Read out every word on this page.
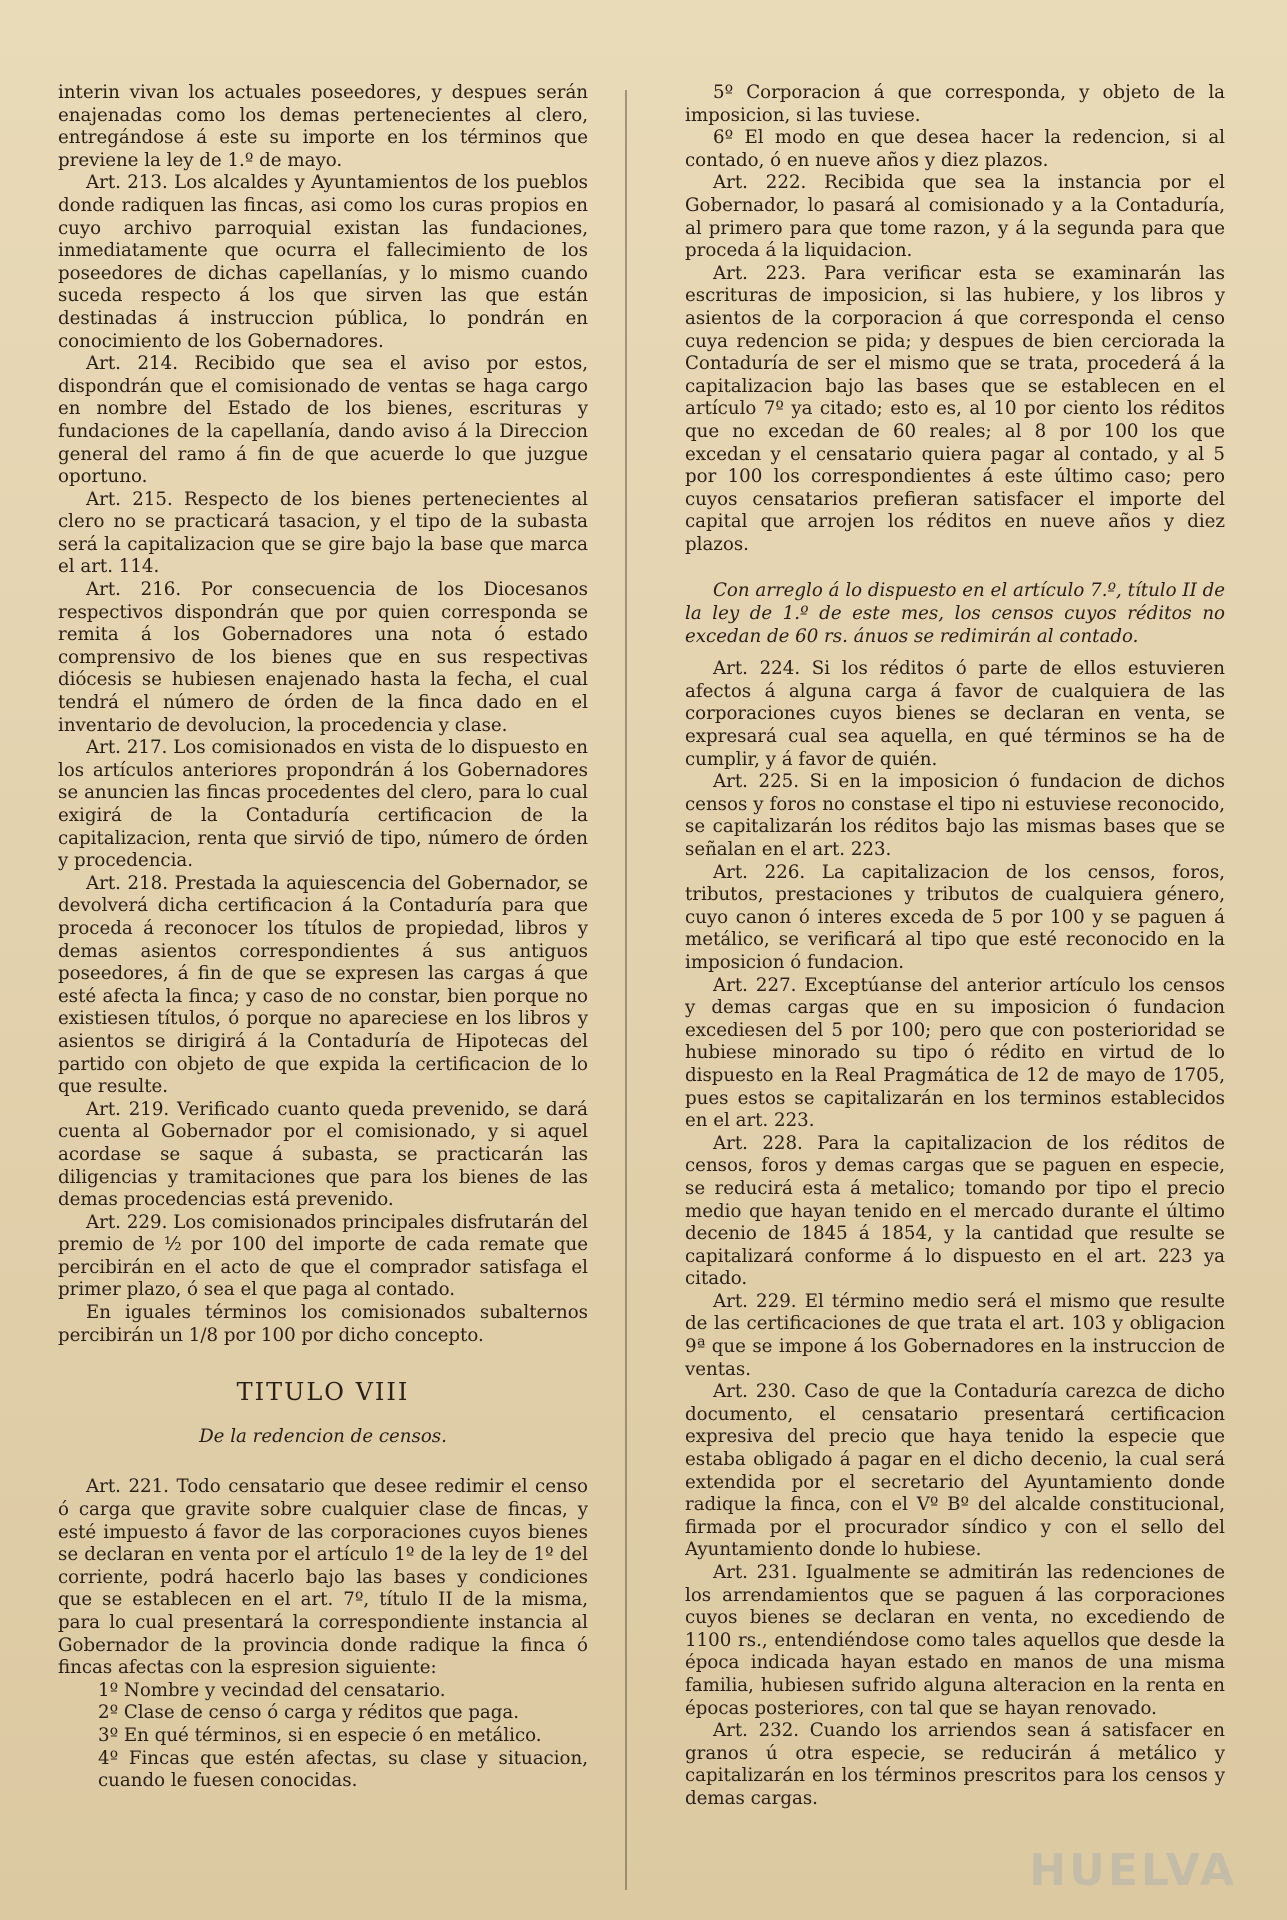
interin vivan los actuales poseedores, y despues serán enajenadas como los demas pertenecientes al clero, entregándose á este su importe en los términos que previene la ley de 1.º de mayo.

Art. 213. Los alcaldes y Ayuntamientos de los pueblos donde radiquen las fincas, asi como los curas propios en cuyo archivo parroquial existan las fundaciones, inmediatamente que ocurra el fallecimiento de los poseedores de dichas capellanías, y lo mismo cuando suceda respecto á los que sirven las que están destinadas á instruccion pública, lo pondrán en conocimiento de los Gobernadores.

Art. 214. Recibido que sea el aviso por estos, dispondrán que el comisionado de ventas se haga cargo en nombre del Estado de los bienes, escrituras y fundaciones de la capellanía, dando aviso á la Direccion general del ramo á fin de que acuerde lo que juzgue oportuno.

Art. 215. Respecto de los bienes pertenecientes al clero no se practicará tasacion, y el tipo de la subasta será la capitalizacion que se gire bajo la base que marca el art. 114.

Art. 216. Por consecuencia de los Diocesanos respectivos dispondrán que por quien corresponda se remita á los Gobernadores una nota ó estado comprensivo de los bienes que en sus respectivas diócesis se hubiesen enajenado hasta la fecha, el cual tendrá el número de órden de la finca dado en el inventario de devolucion, la procedencia y clase.

Art. 217. Los comisionados en vista de lo dispuesto en los artículos anteriores propondrán á los Gobernadores se anuncien las fincas procedentes del clero, para lo cual exigirá de la Contaduría certificacion de la capitalizacion, renta que sirvió de tipo, número de órden y procedencia.

Art. 218. Prestada la aquiescencia del Gobernador, se devolverá dicha certificacion á la Contaduría para que proceda á reconocer los títulos de propiedad, libros y demas asientos correspondientes á sus antiguos poseedores, á fin de que se expresen las cargas á que esté afecta la finca; y caso de no constar, bien porque no existiesen títulos, ó porque no apareciese en los libros y asientos se dirigirá á la Contaduría de Hipotecas del partido con objeto de que expida la certificacion de lo que resulte.

Art. 219. Verificado cuanto queda prevenido, se dará cuenta al Gobernador por el comisionado, y si aquel acordase se saque á subasta, se practicarán las diligencias y tramitaciones que para los bienes de las demas procedencias está prevenido.

Art. 229. Los comisionados principales disfrutarán del premio de ½ por 100 del importe de cada remate que percibirán en el acto de que el comprador satisfaga el primer plazo, ó sea el que paga al contado.

En iguales términos los comisionados subalternos percibirán un 1/8 por 100 por dicho concepto.

TITULO VIII
De la redencion de censos.

Art. 221. Todo censatario que desee redimir el censo ó carga que gravite sobre cualquier clase de fincas, y esté impuesto á favor de las corporaciones cuyos bienes se declaran en venta por el artículo 1º de la ley de 1º del corriente, podrá hacerlo bajo las bases y condiciones que se establecen en el art. 7º, título II de la misma, para lo cual presentará la correspondiente instancia al Gobernador de la provincia donde radique la finca ó fincas afectas con la espresion siguiente:

1º Nombre y vecindad del censatario.
2º Clase de censo ó carga y réditos que paga.
3º En qué términos, si en especie ó en metálico.
4º Fincas que estén afectas, su clase y situacion, cuando le fuesen conocidas.

5º Corporacion á que corresponda, y objeto de la imposicion, si las tuviese.

6º El modo en que desea hacer la redencion, si al contado, ó en nueve años y diez plazos.

Art. 222. Recibida que sea la instancia por el Gobernador, lo pasará al comisionado y a la Contaduría, al primero para que tome razon, y á la segunda para que proceda á la liquidacion.

Art. 223. Para verificar esta se examinarán las escrituras de imposicion, si las hubiere, y los libros y asientos de la corporacion á que corresponda el censo cuya redencion se pida; y despues de bien cerciorada la Contaduría de ser el mismo que se trata, procederá á la capitalizacion bajo las bases que se establecen en el artículo 7º ya citado; esto es, al 10 por ciento los réditos que no excedan de 60 reales; al 8 por 100 los que excedan y el censatario quiera pagar al contado, y al 5 por 100 los correspondientes á este último caso; pero cuyos censatarios prefieran satisfacer el importe del capital que arrojen los réditos en nueve años y diez plazos.

Con arreglo á lo dispuesto en el artículo 7.º, título II de la ley de 1.º de este mes, los censos cuyos réditos no excedan de 60 rs. ánuos se redimirán al contado.

Art. 224. Si los réditos ó parte de ellos estuvieren afectos á alguna carga á favor de cualquiera de las corporaciones cuyos bienes se declaran en venta, se expresará cual sea aquella, en qué términos se ha de cumplir, y á favor de quién.

Art. 225. Si en la imposicion ó fundacion de dichos censos y foros no constase el tipo ni estuviese reconocido, se capitalizarán los réditos bajo las mismas bases que se señalan en el art. 223.

Art. 226. La capitalizacion de los censos, foros, tributos, prestaciones y tributos de cualquiera género, cuyo canon ó interes exceda de 5 por 100 y se paguen á metálico, se verificará al tipo que esté reconocido en la imposicion ó fundacion.

Art. 227. Exceptúanse del anterior artículo los censos y demas cargas que en su imposicion ó fundacion excediesen del 5 por 100; pero que con posterioridad se hubiese minorado su tipo ó rédito en virtud de lo dispuesto en la Real Pragmática de 12 de mayo de 1705, pues estos se capitalizarán en los terminos establecidos en el art. 223.

Art. 228. Para la capitalizacion de los réditos de censos, foros y demas cargas que se paguen en especie, se reducirá esta á metalico; tomando por tipo el precio medio que hayan tenido en el mercado durante el último decenio de 1845 á 1854, y la cantidad que resulte se capitalizará conforme á lo dispuesto en el art. 223 ya citado.

Art. 229. El término medio será el mismo que resulte de las certificaciones de que trata el art. 103 y obligacion 9ª que se impone á los Gobernadores en la instruccion de ventas.

Art. 230. Caso de que la Contaduría carezca de dicho documento, el censatario presentará certificacion expresiva del precio que haya tenido la especie que estaba obligado á pagar en el dicho decenio, la cual será extendida por el secretario del Ayuntamiento donde radique la finca, con el Vº Bº del alcalde constitucional, firmada por el procurador síndico y con el sello del Ayuntamiento donde lo hubiese.

Art. 231. Igualmente se admitirán las redenciones de los arrendamientos que se paguen á las corporaciones cuyos bienes se declaran en venta, no excediendo de 1100 rs., entendiéndose como tales aquellos que desde la época indicada hayan estado en manos de una misma familia, hubiesen sufrido alguna alteracion en la renta en épocas posteriores, con tal que se hayan renovado.

Art. 232. Cuando los arriendos sean á satisfacer en granos ú otra especie, se reducirán á metálico y capitalizarán en los términos prescritos para los censos y demas cargas.

HUELVA
